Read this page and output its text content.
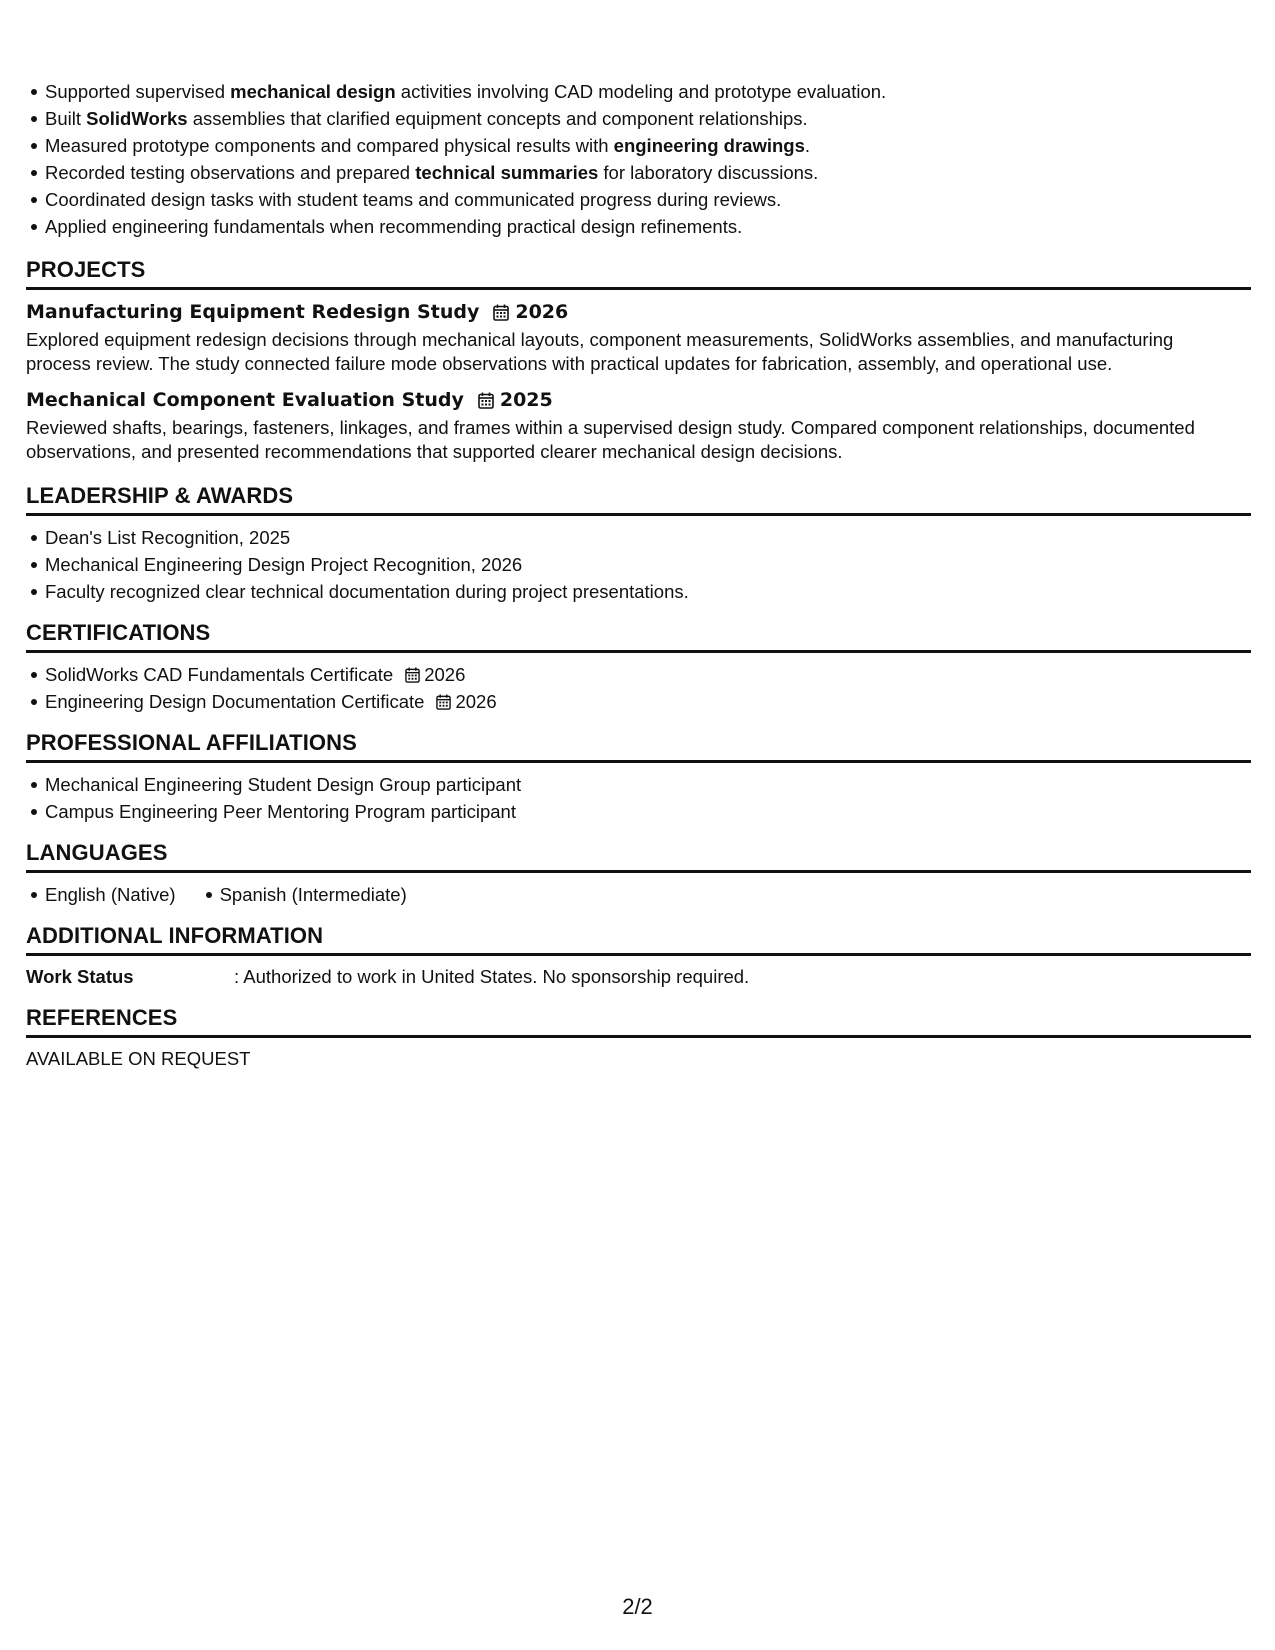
Supported supervised mechanical design activities involving CAD modeling and prototype evaluation.
Built SolidWorks assemblies that clarified equipment concepts and component relationships.
Measured prototype components and compared physical results with engineering drawings.
Recorded testing observations and prepared technical summaries for laboratory discussions.
Coordinated design tasks with student teams and communicated progress during reviews.
Applied engineering fundamentals when recommending practical design refinements.
PROJECTS
Manufacturing Equipment Redesign Study 2026
Explored equipment redesign decisions through mechanical layouts, component measurements, SolidWorks assemblies, and manufacturing
process review. The study connected failure mode observations with practical updates for fabrication, assembly, and operational use.
Mechanical Component Evaluation Study 2025
Reviewed shafts, bearings, fasteners, linkages, and frames within a supervised design study. Compared component relationships, documented
observations, and presented recommendations that supported clearer mechanical design decisions.
LEADERSHIP & AWARDS
Dean's List Recognition, 2025
Mechanical Engineering Design Project Recognition, 2026
Faculty recognized clear technical documentation during project presentations.
CERTIFICATIONS
SolidWorks CAD Fundamentals Certificate 2026
Engineering Design Documentation Certificate 2026
PROFESSIONAL AFFILIATIONS
Mechanical Engineering Student Design Group participant
Campus Engineering Peer Mentoring Program participant
LANGUAGES
English (Native) Spanish (Intermediate)
ADDITIONAL INFORMATION
Work Status	: Authorized to work in United States. No sponsorship required.
REFERENCES
AVAILABLE ON REQUEST
2/2
